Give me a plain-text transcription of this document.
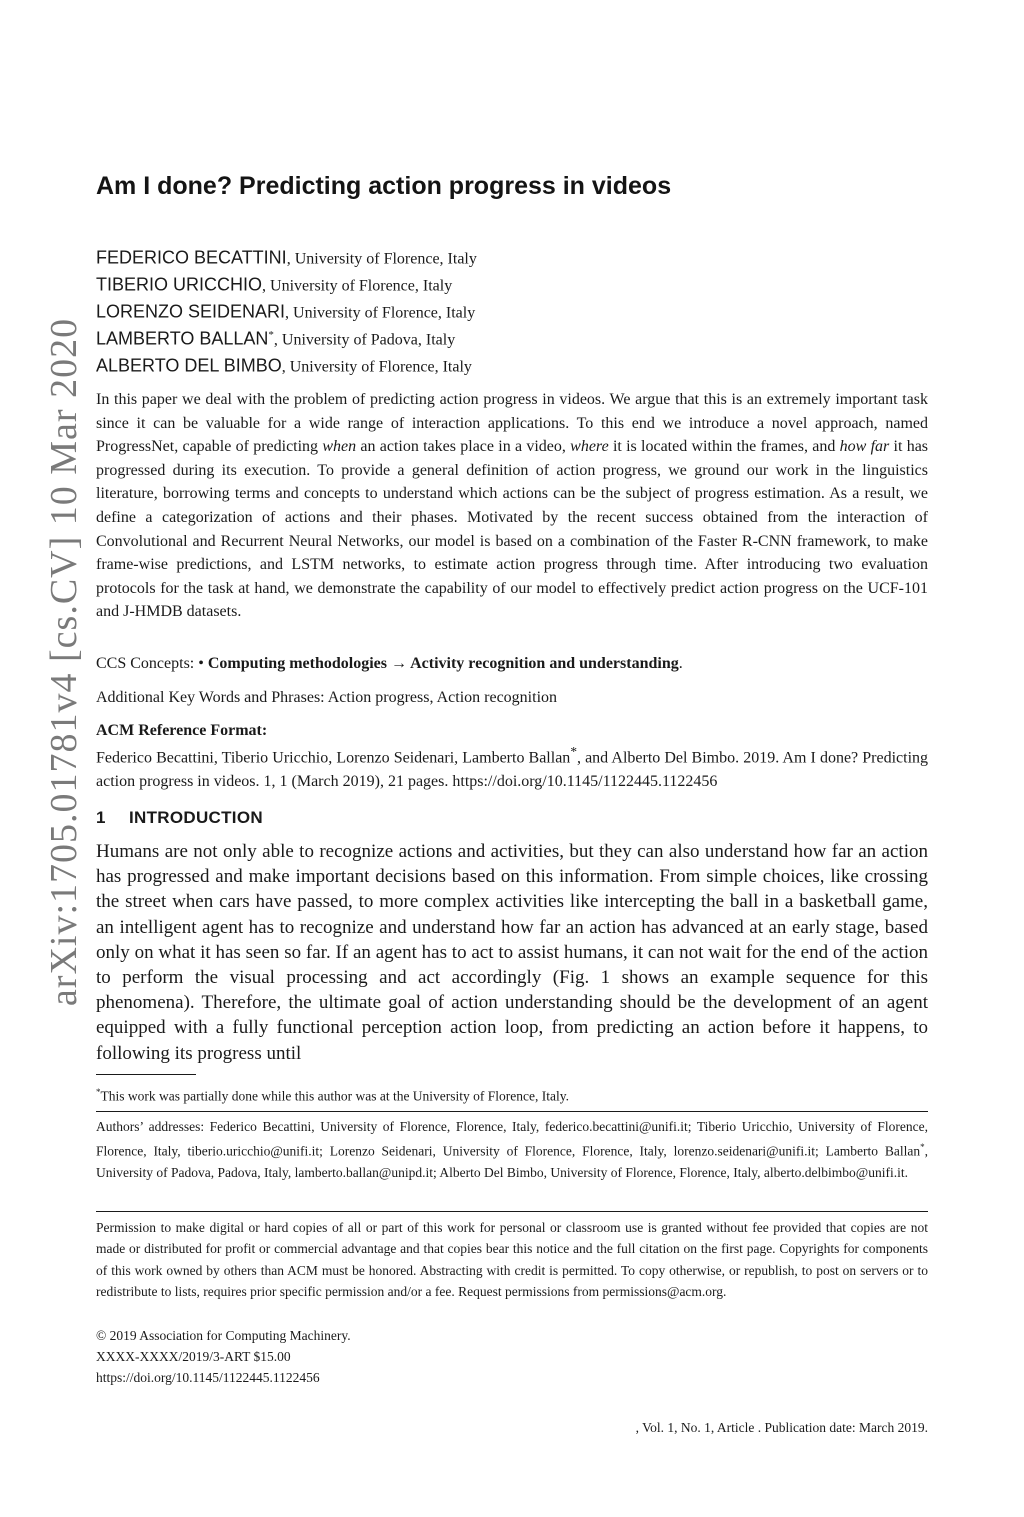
arXiv:1705.01781v4 [cs.CV] 10 Mar 2020
Am I done? Predicting action progress in videos
FEDERICO BECATTINI, University of Florence, Italy
TIBERIO URICCHIO, University of Florence, Italy
LORENZO SEIDENARI, University of Florence, Italy
LAMBERTO BALLAN*, University of Padova, Italy
ALBERTO DEL BIMBO, University of Florence, Italy

In this paper we deal with the problem of predicting action progress in videos. We argue that this is an extremely important task since it can be valuable for a wide range of interaction applications. To this end we introduce a novel approach, named ProgressNet, capable of predicting when an action takes place in a video, where it is located within the frames, and how far it has progressed during its execution. To provide a general definition of action progress, we ground our work in the linguistics literature, borrowing terms and concepts to understand which actions can be the subject of progress estimation. As a result, we define a categorization of actions and their phases. Motivated by the recent success obtained from the interaction of Convolutional and Recurrent Neural Networks, our model is based on a combination of the Faster R-CNN framework, to make frame-wise predictions, and LSTM networks, to estimate action progress through time. After introducing two evaluation protocols for the task at hand, we demonstrate the capability of our model to effectively predict action progress on the UCF-101 and J-HMDB datasets.

CCS Concepts: • Computing methodologies → Activity recognition and understanding.

Additional Key Words and Phrases: Action progress, Action recognition

ACM Reference Format:

Federico Becattini, Tiberio Uricchio, Lorenzo Seidenari, Lamberto Ballan*, and Alberto Del Bimbo. 2019. Am I done? Predicting action progress in videos. 1, 1 (March 2019), 21 pages. https://doi.org/10.1145/1122445.1122456

1 INTRODUCTION

Humans are not only able to recognize actions and activities, but they can also understand how far an action has progressed and make important decisions based on this information. From simple choices, like crossing the street when cars have passed, to more complex activities like intercepting the ball in a basketball game, an intelligent agent has to recognize and understand how far an action has advanced at an early stage, based only on what it has seen so far. If an agent has to act to assist humans, it can not wait for the end of the action to perform the visual processing and act accordingly (Fig. 1 shows an example sequence for this phenomena). Therefore, the ultimate goal of action understanding should be the development of an agent equipped with a fully functional perception action loop, from predicting an action before it happens, to following its progress until

*This work was partially done while this author was at the University of Florence, Italy.

Authors’ addresses: Federico Becattini, University of Florence, Florence, Italy, federico.becattini@unifi.it; Tiberio Uricchio, University of Florence, Florence, Italy, tiberio.uricchio@unifi.it; Lorenzo Seidenari, University of Florence, Florence, Italy, lorenzo.seidenari@unifi.it; Lamberto Ballan*, University of Padova, Padova, Italy, lamberto.ballan@unipd.it; Alberto Del Bimbo, University of Florence, Florence, Italy, alberto.delbimbo@unifi.it.

Permission to make digital or hard copies of all or part of this work for personal or classroom use is granted without fee provided that copies are not made or distributed for profit or commercial advantage and that copies bear this notice and the full citation on the first page. Copyrights for components of this work owned by others than ACM must be honored. Abstracting with credit is permitted. To copy otherwise, or republish, to post on servers or to redistribute to lists, requires prior specific permission and/or a fee. Request permissions from permissions@acm.org.

© 2019 Association for Computing Machinery.

XXXX-XXXX/2019/3-ART $15.00

https://doi.org/10.1145/1122445.1122456

, Vol. 1, No. 1, Article . Publication date: March 2019.
